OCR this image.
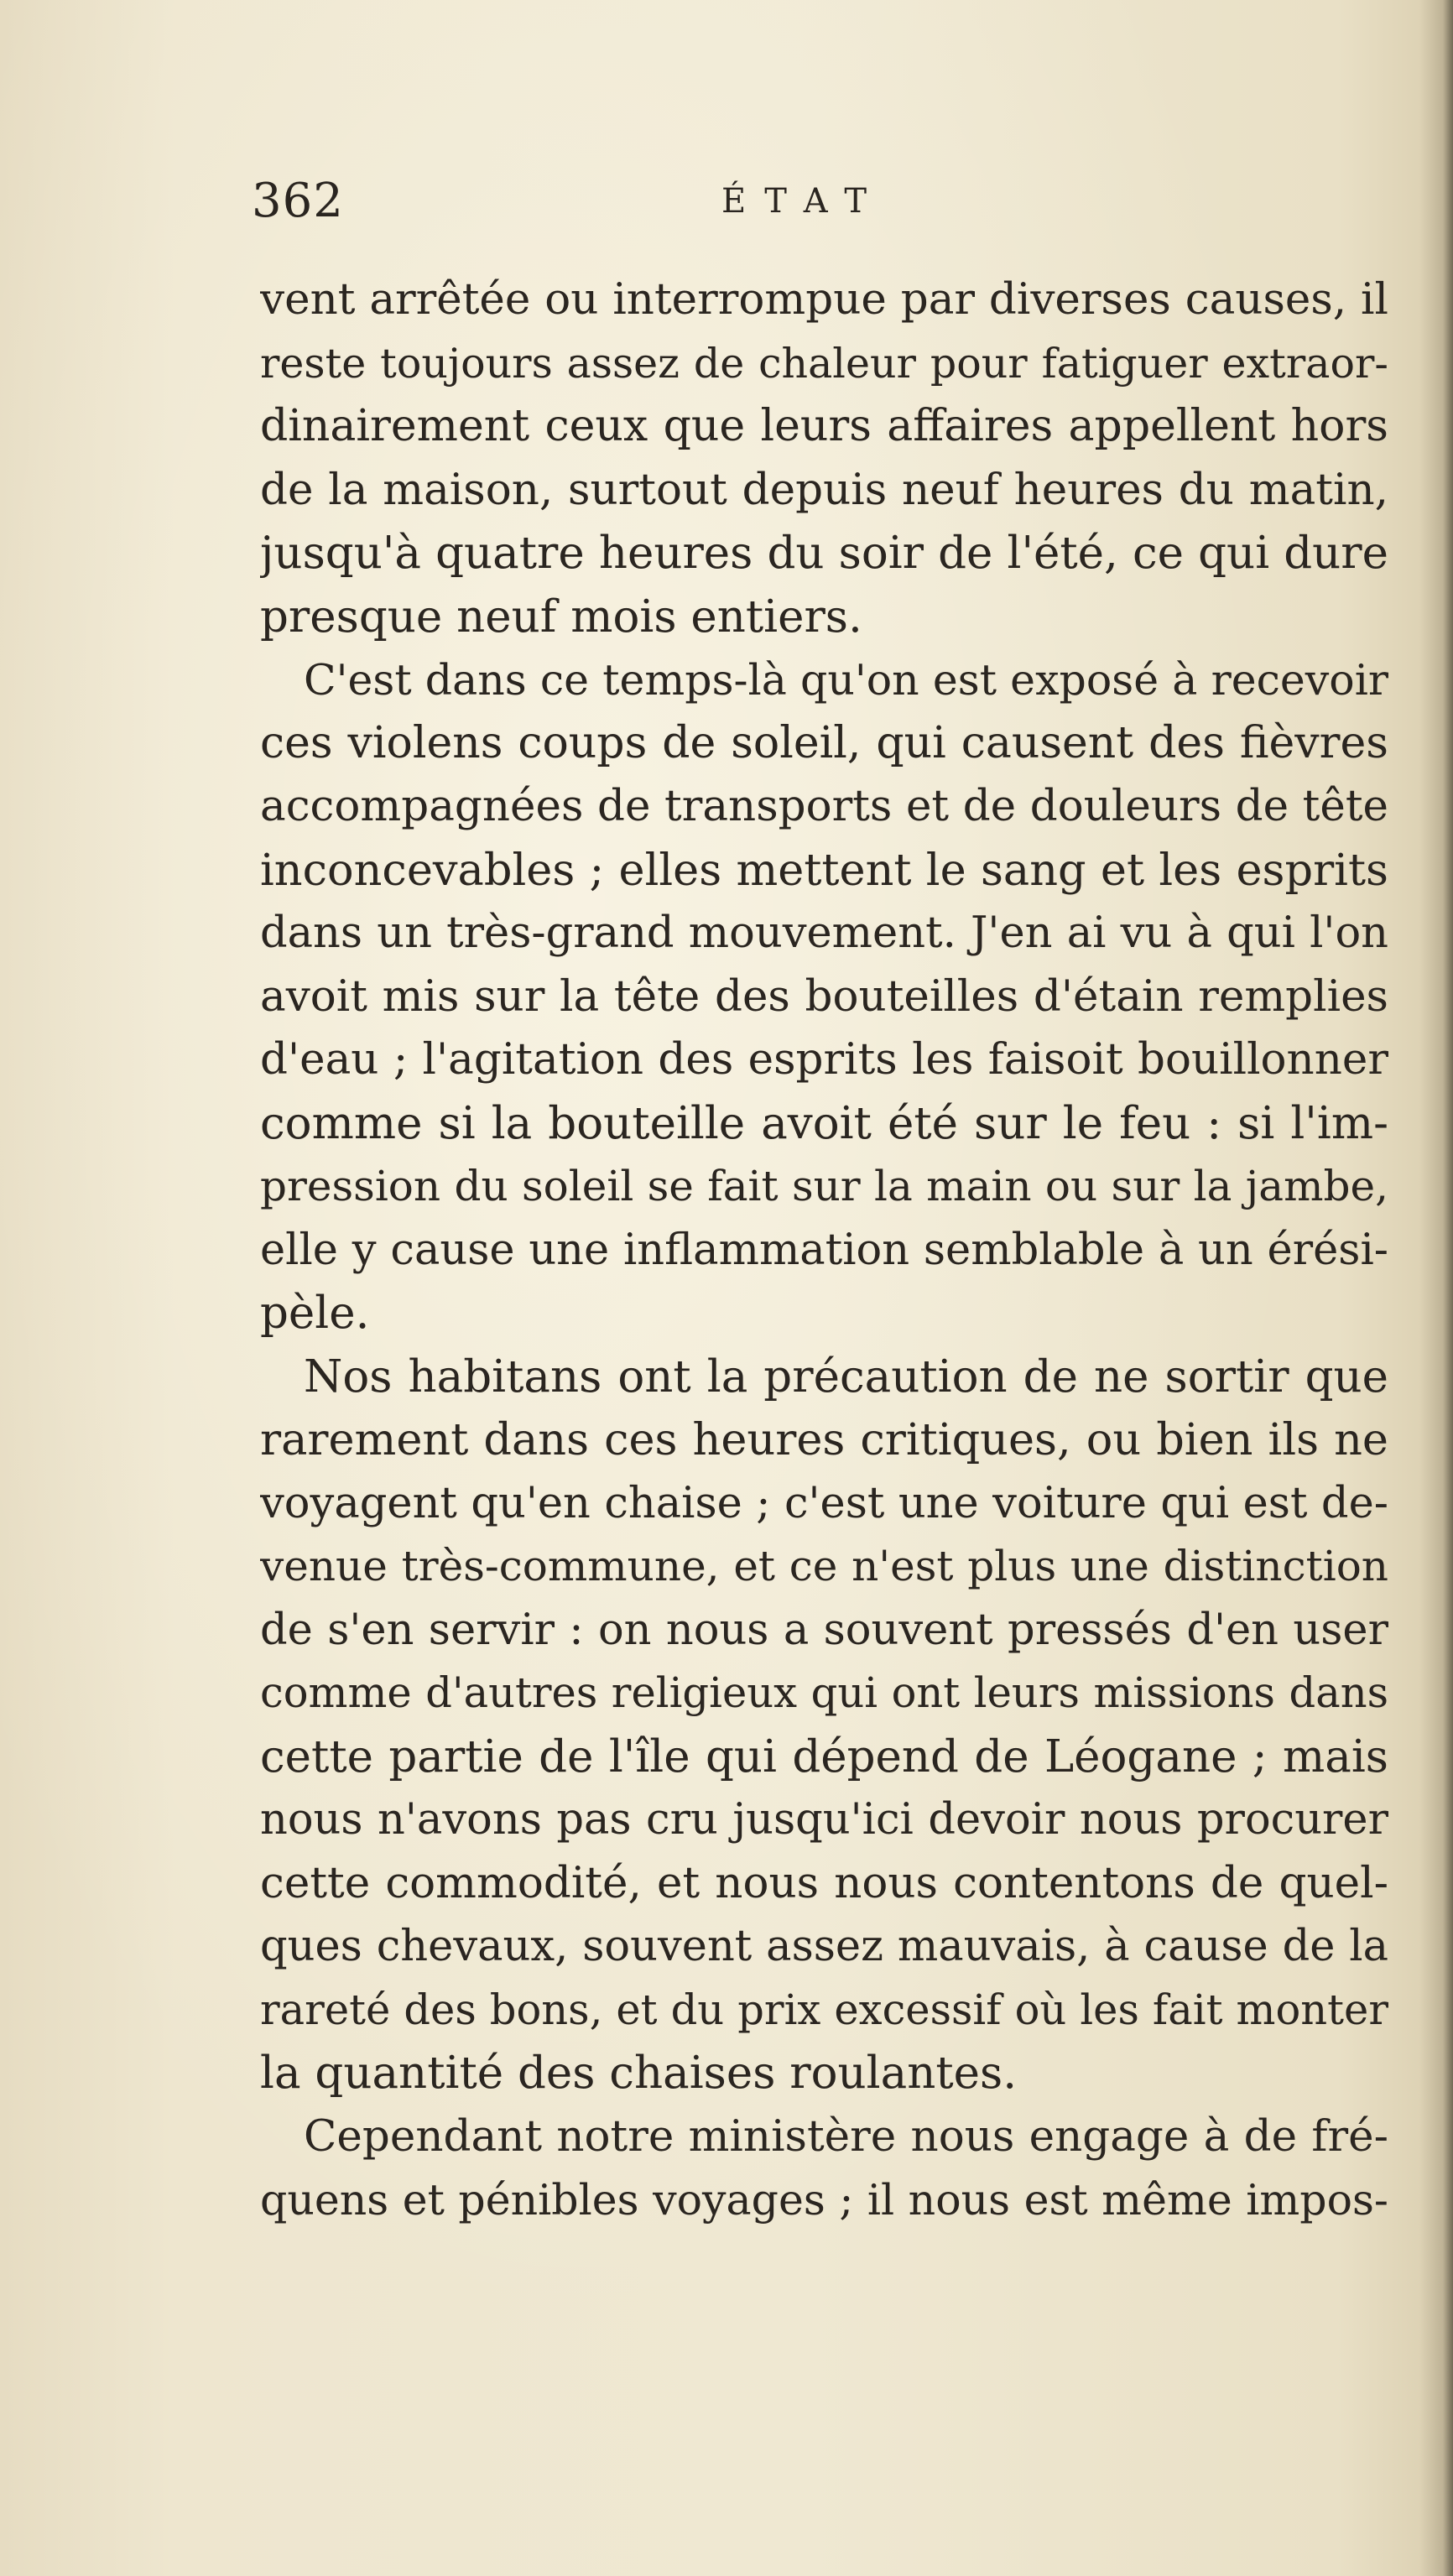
362	ÉTAT
vent arrêtée ou interrompue par diverses causes, il
reste toujours assez de chaleur pour fatiguer extraor-
dinairement ceux que leurs affaires appellent hors
de la maison, surtout depuis neuf heures du matin,
jusqu'à quatre heures du soir de l'été, ce qui dure
presque neuf mois entiers.
C'est dans ce temps-là qu'on est exposé à recevoir
ces violens coups de soleil, qui causent des fièvres
accompagnées de transports et de douleurs de tête
inconcevables ; elles mettent le sang et les esprits
dans un très-grand mouvement. J'en ai vu à qui l'on
avoit mis sur la tête des bouteilles d'étain remplies
d'eau ; l'agitation des esprits les faisoit bouillonner
comme si la bouteille avoit été sur le feu : si l'im-
pression du soleil se fait sur la main ou sur la jambe,
elle y cause une inflammation semblable à un érési-
pèle.
Nos habitans ont la précaution de ne sortir que
rarement dans ces heures critiques, ou bien ils ne
voyagent qu'en chaise ; c'est une voiture qui est de-
venue très-commune, et ce n'est plus une distinction
de s'en servir : on nous a souvent pressés d'en user
comme d'autres religieux qui ont leurs missions dans
cette partie de l'île qui dépend de Léogane ; mais
nous n'avons pas cru jusqu'ici devoir nous procurer
cette commodité, et nous nous contentons de quel-
ques chevaux, souvent assez mauvais, à cause de la
rareté des bons, et du prix excessif où les fait monter
la quantité des chaises roulantes.
Cependant notre ministère nous engage à de fré-
quens et pénibles voyages ; il nous est même impos-
